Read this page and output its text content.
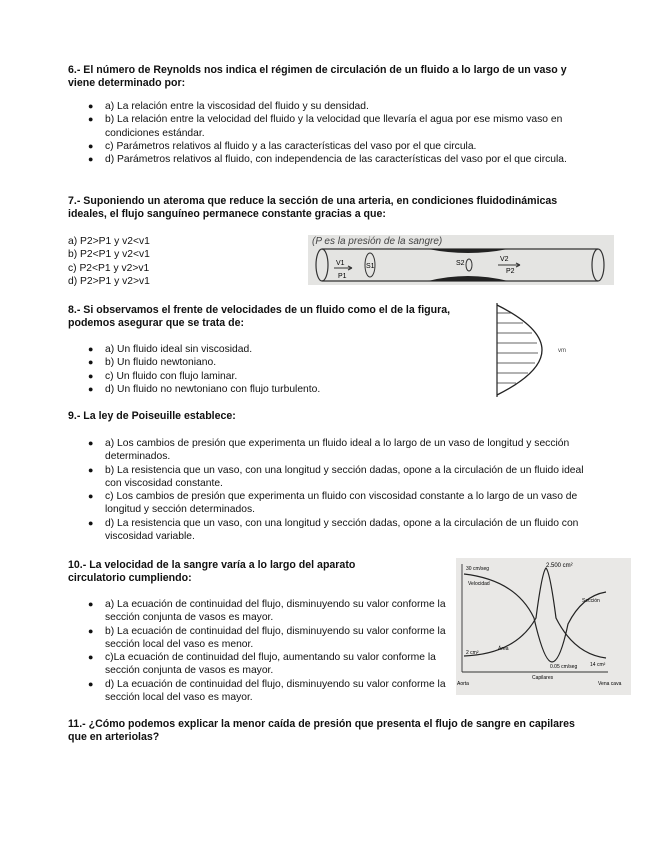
6.- El número de Reynolds nos indica el régimen de circulación de un fluido a lo largo de un vaso y viene determinado por:
● a) La relación entre la viscosidad del fluido y su densidad.
● b) La relación entre la velocidad del fluido y la velocidad que llevaría el agua por ese mismo vaso en condiciones estándar.
● c) Parámetros relativos al fluido y a las características del vaso por el que circula.
● d) Parámetros relativos al fluido, con independencia de las características del vaso por el que circula.
7.- Suponiendo un ateroma que reduce la sección de una arteria, en condiciones fluidodinámicas ideales, el flujo sanguíneo permanece constante gracias a que:
a) P2>P1 y v2<v1
b) P2<P1 y v2<v1
c) P2<P1 y v2>v1
d) P2>P1 y v2>v1
(P es la presión de la sangre)
V1
P1
S1	S2
V2
P2
8.- Si observamos el frente de velocidades de un fluido como el de la figura, podemos asegurar que se trata de:
● a) Un fluido ideal sin viscosidad.
● b) Un fluido newtoniano.
● c) Un fluido con flujo laminar.
● d) Un fluido no newtoniano con flujo turbulento.
vm
9.- La ley de Poiseuille establece:
● a) Los cambios de presión que experimenta un fluido ideal a lo largo de un vaso de longitud y sección determinados.
● b) La resistencia que un vaso, con una longitud y sección dadas, opone a la circulación de un fluido ideal con viscosidad constante.
● c) Los cambios de presión que experimenta un fluido con viscosidad constante a lo largo de un vaso de longitud y sección determinados.
● d) La resistencia que un vaso, con una longitud y sección dadas, opone a la circulación de un fluido con viscosidad variable.
10.- La velocidad de la sangre varía a lo largo del aparato circulatorio cumpliendo:
● a) La ecuación de continuidad del flujo, disminuyendo su valor conforme la sección conjunta de vasos es mayor.
● b) La ecuación de continuidad del flujo, disminuyendo su valor conforme la sección local del vaso es menor.
● c)La ecuación de continuidad del flujo, aumentando su valor conforme la sección conjunta de vasos es mayor.
● d) La ecuación de continuidad del flujo, disminuyendo su valor conforme la sección local del vaso es mayor.
30 cm/seg	2.500 cm²
Velocidad
Sección
Área
2 cm²
0.05 cm/seg	14 cm²
Capilares
Aorta	Vena cava
11.- ¿Cómo podemos explicar la menor caída de presión que presenta el flujo de sangre en capilares que en arteriolas?
